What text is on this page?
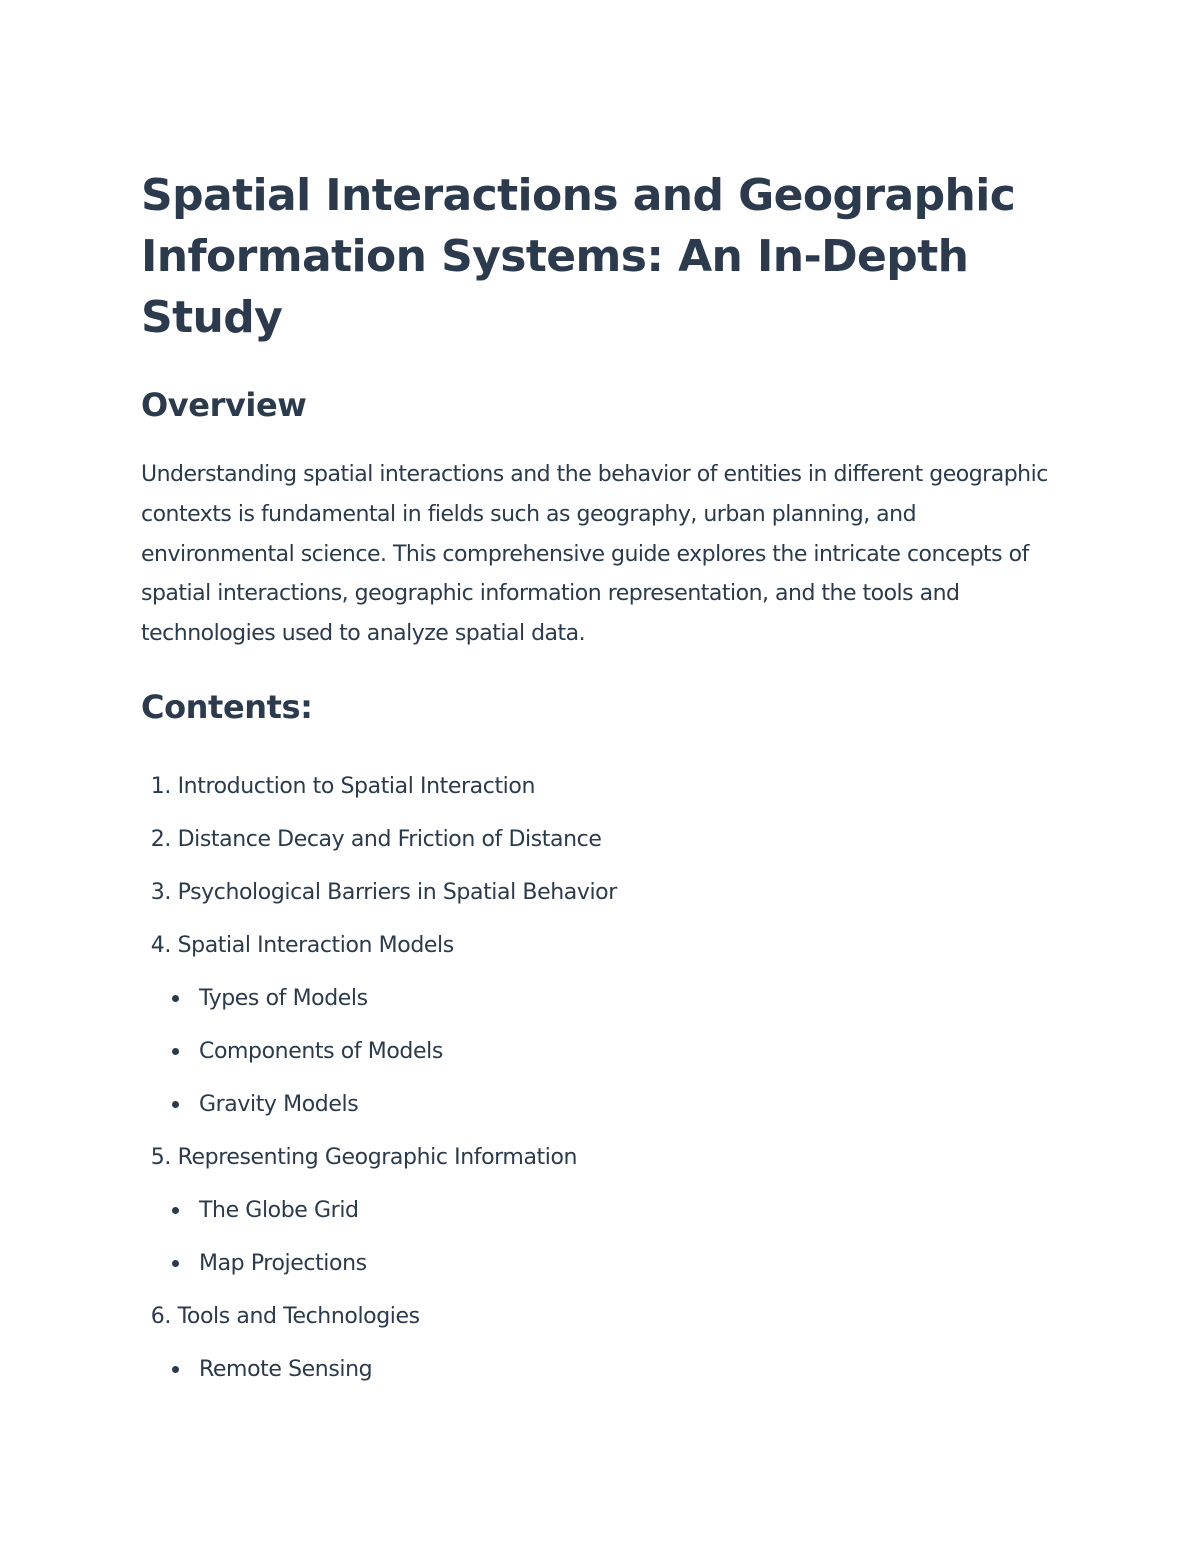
Spatial Interactions and Geographic Information Systems: An In-Depth Study
Overview

Understanding spatial interactions and the behavior of entities in different geographic contexts is fundamental in fields such as geography, urban planning, and environmental science. This comprehensive guide explores the intricate concepts of spatial interactions, geographic information representation, and the tools and technologies used to analyze spatial data.

Contents:
1.
Introduction to Spatial Interaction
2.
Distance Decay and Friction of Distance
3.
Psychological Barriers in Spatial Behavior
4.
Spatial Interaction Models
Types of Models
Components of Models
Gravity Models
5.
Representing Geographic Information
The Globe Grid
Map Projections
6.
Tools and Technologies
Remote Sensing
